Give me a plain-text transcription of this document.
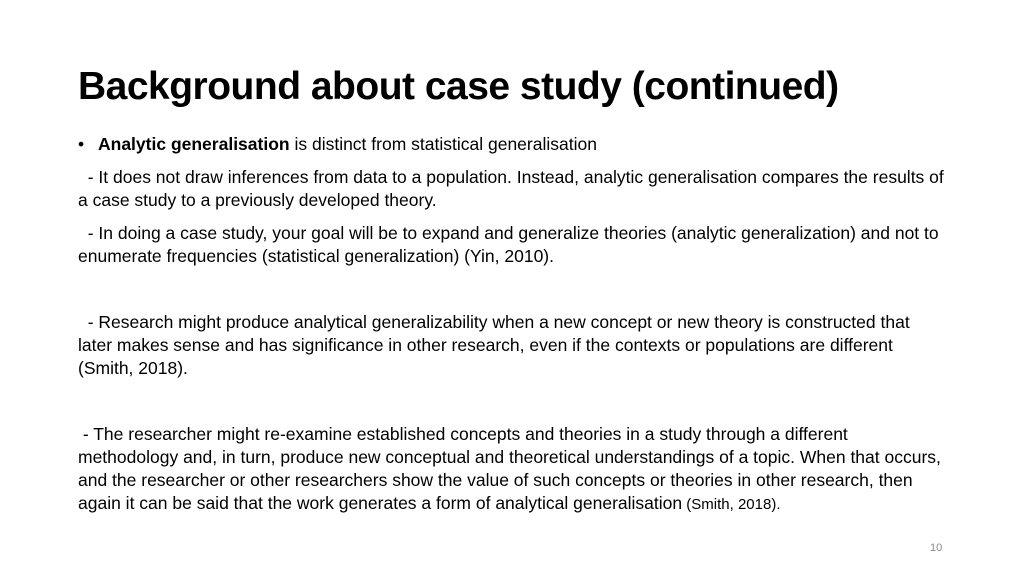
Background about case study (continued)
• Analytic generalisation is distinct from statistical generalisation

- It does not draw inferences from data to a population. Instead, analytic generalisation compares the results of a case study to a previously developed theory.

- In doing a case study, your goal will be to expand and generalize theories (analytic generalization) and not to enumerate frequencies (statistical generalization) (Yin, 2010).

- Research might produce analytical generalizability when a new concept or new theory is constructed that later makes sense and has significance in other research, even if the contexts or populations are different (Smith, 2018).

- The researcher might re-examine established concepts and theories in a study through a different methodology and, in turn, produce new conceptual and theoretical understandings of a topic. When that occurs, and the researcher or other researchers show the value of such concepts or theories in other research, then again it can be said that the work generates a form of analytical generalisation (Smith, 2018).

10
